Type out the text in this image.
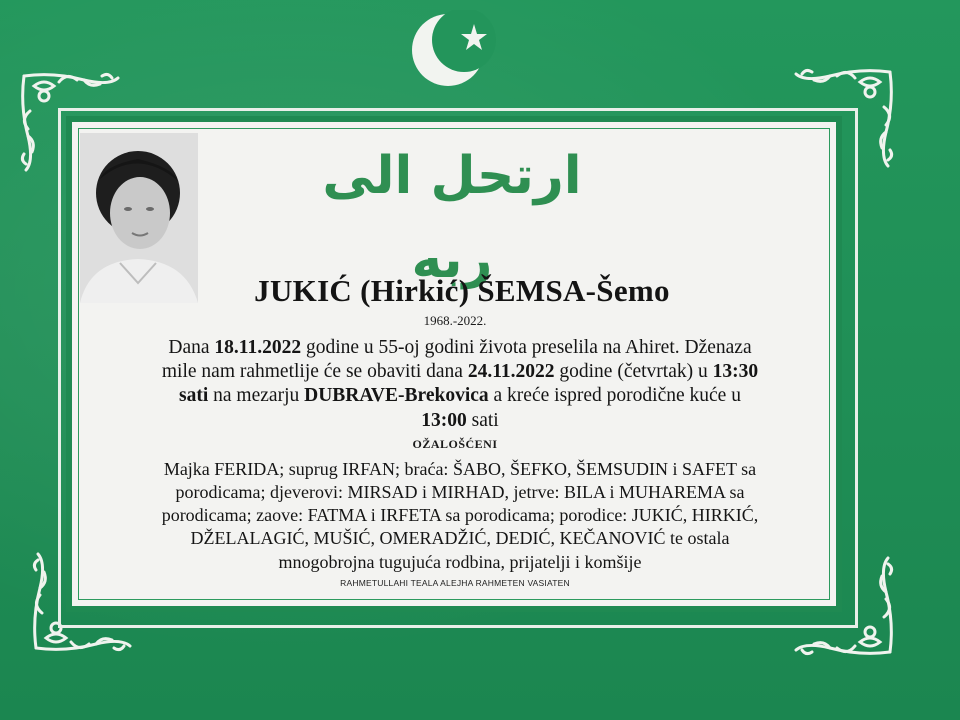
ارتحل الى ربه
JUKIĆ (Hirkić) ŠEMSA-Šemo
1968.-2022.
Dana 18.11.2022 godine u 55-oj godini života preselila na Ahiret. Dženaza
mile nam rahmetlije će se obaviti dana 24.11.2022 godine (četvrtak) u 13:30
sati na mezarju DUBRAVE-Brekovica a kreće ispred porodične kuće u
13:00 sati
OŽALOŠĆENI
Majka FERIDA; suprug IRFAN; braća: ŠABO, ŠEFKO, ŠEMSUDIN i SAFET sa
porodicama; djeverovi: MIRSAD i MIRHAD, jetrve: BILA i MUHAREMA sa
porodicama; zaove: FATMA i IRFETA sa porodicama; porodice: JUKIĆ, HIRKIĆ,
DŽELALAGIĆ, MUŠIĆ, OMERADŽIĆ, DEDIĆ, KEČANOVIĆ te ostala
mnogobrojna tugujuća rodbina, prijatelji i komšije
RAHMETULLAHI TEALA ALEJHA RAHMETEN VASIATEN
